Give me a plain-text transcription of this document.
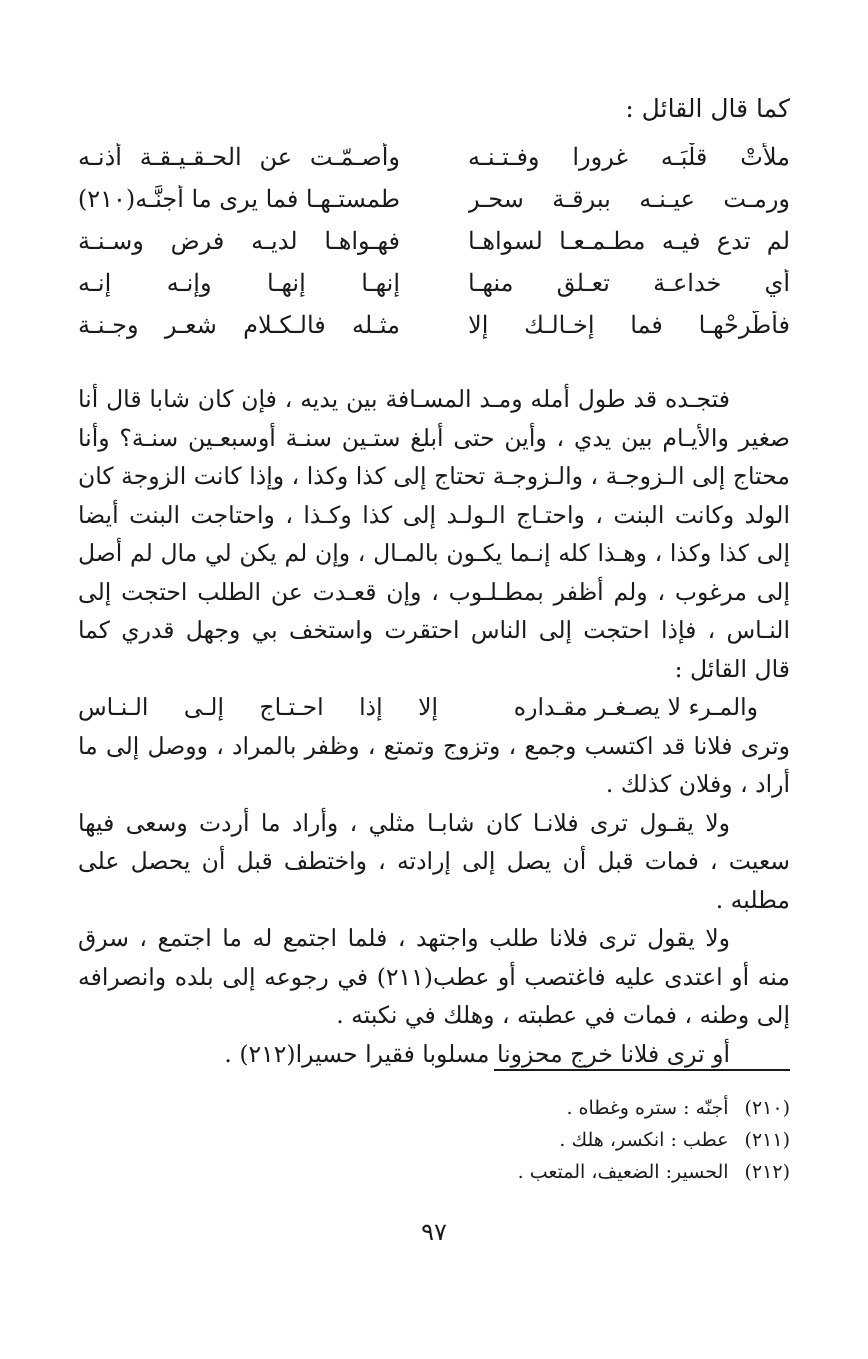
كما قال القائل :
ملأتْ قلْبَـه غرورا وفـتـنـه
وأصـمّـت عن الحـقـيـقـة أذنـه
ورمـت عيـنـه ببرقـة سحـر
طمستـهـا فما يرى ما أجنًّـه(٢١٠)
لم تدع فيـه مطـمـعـا لسواهـا
فهـواهـا لديـه فرض وسـنـة
أي خداعـة تعـلق منهـا
إنهـا إنهـا وإنـه إنـه
فأطَّرِحْهـا فما إخـالـك إلا
مثـله فالـكـلام شعـر وجـنـة

فتجـده قد طول أمله ومـد المسـافة بين يديه ، فإن كان شابا قال أنا صغير والأيـام بين يدي ، وأين حتى أبلغ ستـين سنـة أوسبعـين سنـة؟ وأنا محتاج إلى الـزوجـة ، والـزوجـة تحتاج إلى كذا وكذا ، وإذا كانت الزوجة كان الولد وكانت البنت ، واحتـاج الـولـد إلى كذا وكـذا ، واحتاجت البنت أيضا إلى كذا وكذا ، وهـذا كله إنـما يكـون بالمـال ، وإن لم يكن لي مال لم أصل إلى مرغوب ، ولم أظفر بمطـلـوب ، وإن قعـدت عن الطلب احتجت إلى النـاس ، فإذا احتجت إلى الناس احتقرت واستخف بي وجهل قدري كما قال القائل :

والمـرء لا يصـغـر مقـداره
إلا إذا احـتـاج إلـى الـنـاس

وترى فلانا قد اكتسب وجمع ، وتزوج وتمتع ، وظفر بالمراد ، ووصل إلى ما أراد ، وفلان كذلك .

ولا يقـول ترى فلانـا كان شابـا مثلي ، وأراد ما أردت وسعى فيها سعيت ، فمات قبل أن يصل إلى إرادته ، واختطف قبل أن يحصل على مطلبه .

ولا يقول ترى فلانا طلب واجتهد ، فلما اجتمع له ما اجتمع ، سرق منه أو اعتدى عليه فاغتصب أو عطب(٢١١) في رجوعه إلى بلده وانصرافه إلى وطنه ، فمات في عطبته ، وهلك في نكبته .

أو ترى فلانا خرج محزونا مسلوبا فقيرا حسيرا(٢١٢) .

(٢١٠)
أجنّه : ستره وغطاه .
(٢١١)
عطب : انكسر، هلك .
(٢١٢)
الحسير: الضعيف، المتعب .
٩٧
